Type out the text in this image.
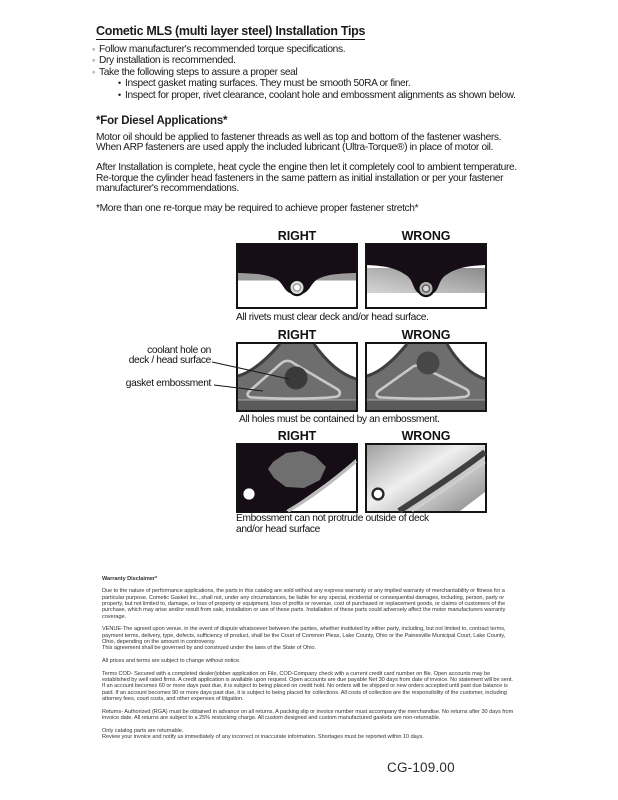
Cometic MLS (multi layer steel) Installation Tips
◦Follow manufacturer's recommended torque specifications.
◦Dry installation is recommended.
◦Take the following steps to assure a proper seal
•Inspect gasket mating surfaces. They must be smooth 50RA or finer.
•Inspect for proper, rivet clearance, coolant hole and embossment alignments as shown below.
*For Diesel Applications*

Motor oil should be applied to fastener threads as well as top and bottom of the fastener washers. When ARP fasteners are used apply the included lubricant (Ultra-Torque®) in place of motor oil.

After Installation is complete, heat cycle the engine then let it completely cool to ambient temperature. Re-torque the cylinder head fasteners in the same pattern as initial installation or per your fastener manufacturer's recommendations.

*More than one re-torque may be required to achieve proper fastener stretch*

RIGHT	WRONG
All rivets must clear deck and/or head surface.
RIGHT	WRONG
coolant hole on
deck / head surface
gasket embossment
All holes must be contained by an embossment.
RIGHT	WRONG
Embossment can not protrude outside of deck and/or head surface

Warranty Disclaimer*

Due to the nature of performance applications, the parts in this catalog are sold without any express warranty or any implied warranty of merchantability or fitness for a particular purpose. Cometic Gasket Inc., shall not, under any circumstances, be liable for any special, incidental or consequential damages, including, person, party or property, but not limited to, damage, or loss of property or equipment, loss of profits or revenue, cost of purchased or replacement goods, or claims of customers of the purchase, which may arise and/or result from sale, installation or use of these parts. Installation of these parts could adversely affect the motor manufacturers warranty coverage.

VENUE-The agreed upon venue, in the event of dispute whatsoever between the parties, whether instituted by either party, including, but not limited to, contract terms, payment terms, delivery, type, defects, sufficiency of product, shall be the Court of Common Pleas, Lake County, Ohio or the Painesville Municipal Court, Lake County, Ohio, depending on the amount in controversy.

This agreement shall be governed by and construed under the laws of the State of Ohio.

All prices and terms are subject to change without notice.

Terms COD- Secured with a completed dealer/jobber application on File, COD-Company check with a current credit card number on file. Open accounts may be established by well rated firms. A credit application is available upon request. Open accounts are due payable Net 30 days from date of invoice. No statement will be sent. If an account becomes 60 or more days past due, it is subject to being placed on credit hold. No orders will be shipped or new orders accepted until past due balance is paid. If an account becomes 90 or more days past due, it is subject to being placed for collections. All costs of collection are the responsibility of the customer, including attorney fees, court costs, and other expenses of litigation.

Returns- Authorized (RGA) must be obtained in advance on all returns. A packing slip or invoice number must accompany the merchandise. No returns after 30 days from invoice date. All returns are subject to a 25% restocking charge. All custom designed and custom manufactured gaskets are non-returnable.

Only catalog parts are returnable.

Review your invoice and notify us immediately of any incorrect or inaccurate information. Shortages must be reported within 10 days.

CG-109.00
